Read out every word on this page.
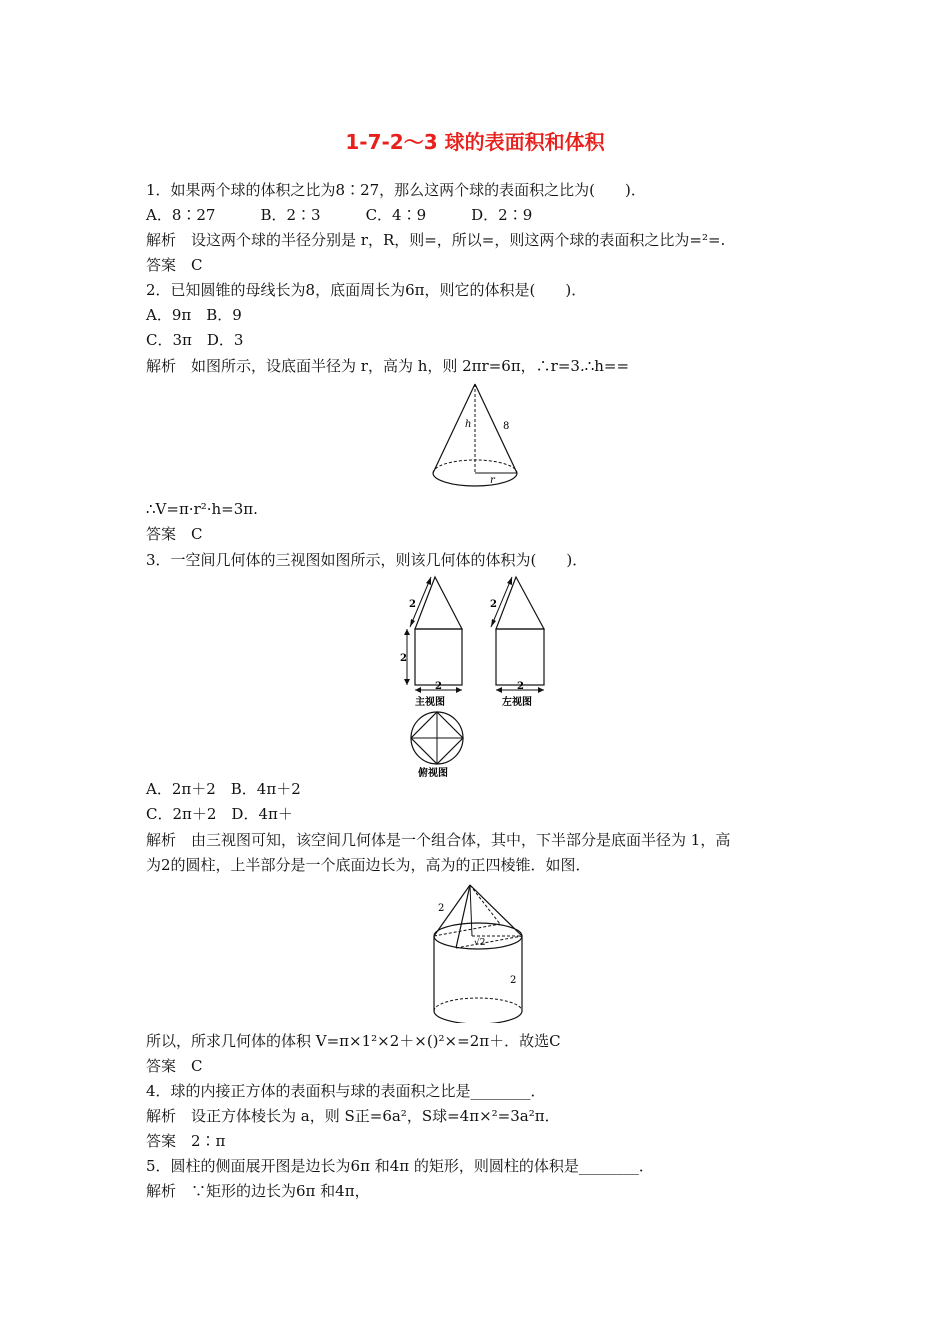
1-7-2～3 球的表面积和体积
1．如果两个球的体积之比为8∶27，那么这两个球的表面积之比为(　　)．
A．8∶27　　　B．2∶3　　　C．4∶9　　　D．2∶9
解析　设这两个球的半径分别是 r，R，则=，所以=，则这两个球的表面积之比为=²=.
答案　C
2．已知圆锥的母线长为8，底面周长为6π，则它的体积是(　　)．
A．9π　B．9
C．3π　D．3
解析　如图所示，设底面半径为 r，高为 h，则 2πr=6π，∴r=3.∴h==
h	8
r
∴V=π·r²·h=3π.
答案　C
3．一空间几何体的三视图如图所示，则该几何体的体积为(　　)．
2
2
2
主视图
2
2
左视图
俯视图
A．2π＋2　B．4π＋2
C．2π＋2　D．4π＋
解析　由三视图可知，该空间几何体是一个组合体，其中，下半部分是底面半径为 1，高
为2的圆柱，上半部分是一个底面边长为，高为的正四棱锥．如图．
2
√2
2
所以，所求几何体的体积 V=π×1²×2＋×()²×=2π＋．故选C
答案　C
4．球的内接正方体的表面积与球的表面积之比是________．
解析　设正方体棱长为 a，则 S正=6a²，S球=4π×²=3a²π．
答案　2∶π
5．圆柱的侧面展开图是边长为6π 和4π 的矩形，则圆柱的体积是________．
解析　∵矩形的边长为6π 和4π，
